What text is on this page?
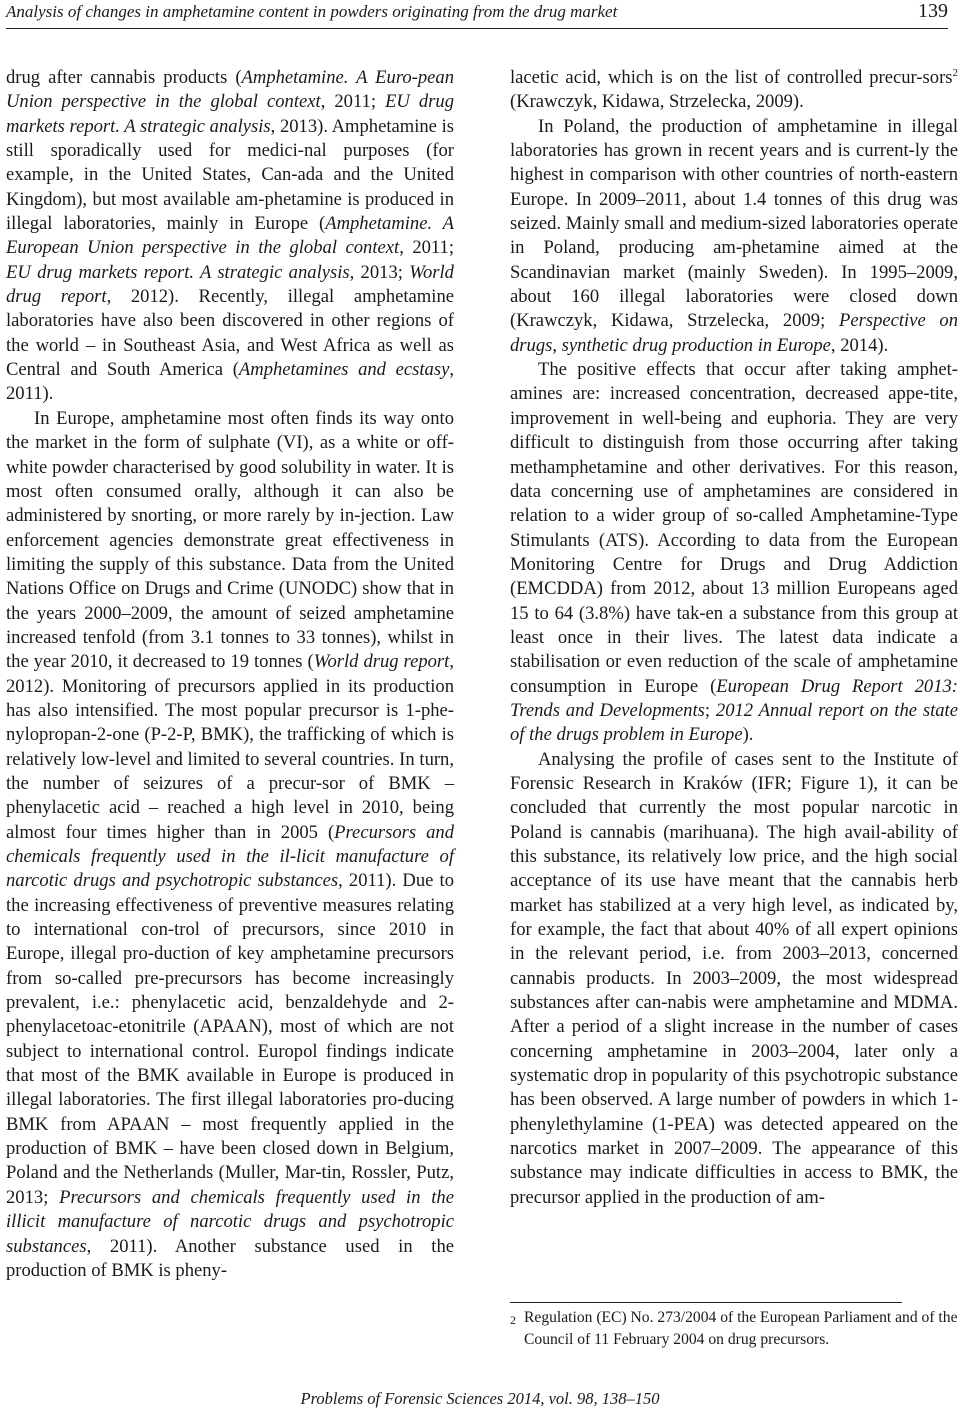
Analysis of changes in amphetamine content in powders originating from the drug market	139

drug after cannabis products (Amphetamine. A Euro-pean Union perspective in the global context, 2011; EU drug markets report. A strategic analysis, 2013). Amphetamine is still sporadically used for medici-nal purposes (for example, in the United States, Can-ada and the United Kingdom), but most available am-phetamine is produced in illegal laboratories, mainly in Europe (Amphetamine. A European Union perspective in the global context, 2011; EU drug markets report. A strategic analysis, 2013; World drug report, 2012). Recently, illegal amphetamine laboratories have also been discovered in other regions of the world – in Southeast Asia, and West Africa as well as Central and South America (Amphetamines and ecstasy, 2011).

In Europe, amphetamine most often finds its way onto the market in the form of sulphate (VI), as a white or off-white powder characterised by good solubility in water. It is most often consumed orally, although it can also be administered by snorting, or more rarely by in-jection. Law enforcement agencies demonstrate great effectiveness in limiting the supply of this substance. Data from the United Nations Office on Drugs and Crime (UNODC) show that in the years 2000–2009, the amount of seized amphetamine increased tenfold (from 3.1 tonnes to 33 tonnes), whilst in the year 2010, it decreased to 19 tonnes (World drug report, 2012). Monitoring of precursors applied in its production has also intensified. The most popular precursor is 1-phe-nylopropan-2-one (P-2-P, BMK), the trafficking of which is relatively low-level and limited to several countries. In turn, the number of seizures of a precur-sor of BMK – phenylacetic acid – reached a high level in 2010, being almost four times higher than in 2005 (Precursors and chemicals frequently used in the il-licit manufacture of narcotic drugs and psychotropic substances, 2011). Due to the increasing effectiveness of preventive measures relating to international con-trol of precursors, since 2010 in Europe, illegal pro-duction of key amphetamine precursors from so-called pre-precursors has become increasingly prevalent, i.e.: phenylacetic acid, benzaldehyde and 2-phenylacetoac-etonitrile (APAAN), most of which are not subject to international control. Europol findings indicate that most of the BMK available in Europe is produced in illegal laboratories. The first illegal laboratories pro-ducing BMK from APAAN – most frequently applied in the production of BMK – have been closed down in Belgium, Poland and the Netherlands (Muller, Mar-tin, Rossler, Putz, 2013; Precursors and chemicals frequently used in the illicit manufacture of narcotic drugs and psychotropic substances, 2011). Another substance used in the production of BMK is pheny-

lacetic acid, which is on the list of controlled precur-sors$^2$ (Krawczyk, Kidawa, Strzelecka, 2009).

In Poland, the production of amphetamine in illegal laboratories has grown in recent years and is current-ly the highest in comparison with other countries of north-eastern Europe. In 2009–2011, about 1.4 tonnes of this drug was seized. Mainly small and medium-sized laboratories operate in Poland, producing am-phetamine aimed at the Scandinavian market (mainly Sweden). In 1995–2009, about 160 illegal laboratories were closed down (Krawczyk, Kidawa, Strzelecka, 2009; Perspective on drugs, synthetic drug production in Europe, 2014).

The positive effects that occur after taking amphet-amines are: increased concentration, decreased appe-tite, improvement in well-being and euphoria. They are very difficult to distinguish from those occurring after taking methamphetamine and other derivatives. For this reason, data concerning use of amphetamines are considered in relation to a wider group of so-called Amphetamine-Type Stimulants (ATS). According to data from the European Monitoring Centre for Drugs and Drug Addiction (EMCDDA) from 2012, about 13 million Europeans aged 15 to 64 (3.8%) have tak-en a substance from this group at least once in their lives. The latest data indicate a stabilisation or even reduction of the scale of amphetamine consumption in Europe (European Drug Report 2013: Trends and Developments; 2012 Annual report on the state of the drugs problem in Europe).

Analysing the profile of cases sent to the Institute of Forensic Research in Kraków (IFR; Figure 1), it can be concluded that currently the most popular narcotic in Poland is cannabis (marihuana). The high avail-ability of this substance, its relatively low price, and the high social acceptance of its use have meant that the cannabis herb market has stabilized at a very high level, as indicated by, for example, the fact that about 40% of all expert opinions in the relevant period, i.e. from 2003–2013, concerned cannabis products. In 2003–2009, the most widespread substances after can-nabis were amphetamine and MDMA. After a period of a slight increase in the number of cases concerning amphetamine in 2003–2004, later only a systematic drop in popularity of this psychotropic substance has been observed. A large number of powders in which 1-phenylethylamine (1-PEA) was detected appeared on the narcotics market in 2007–2009. The appearance of this substance may indicate difficulties in access to BMK, the precursor applied in the production of am-

2 Regulation (EC) No. 273/2004 of the European Parliament and of the Council of 11 February 2004 on drug precursors.
Problems of Forensic Sciences 2014, vol. 98, 138–150
